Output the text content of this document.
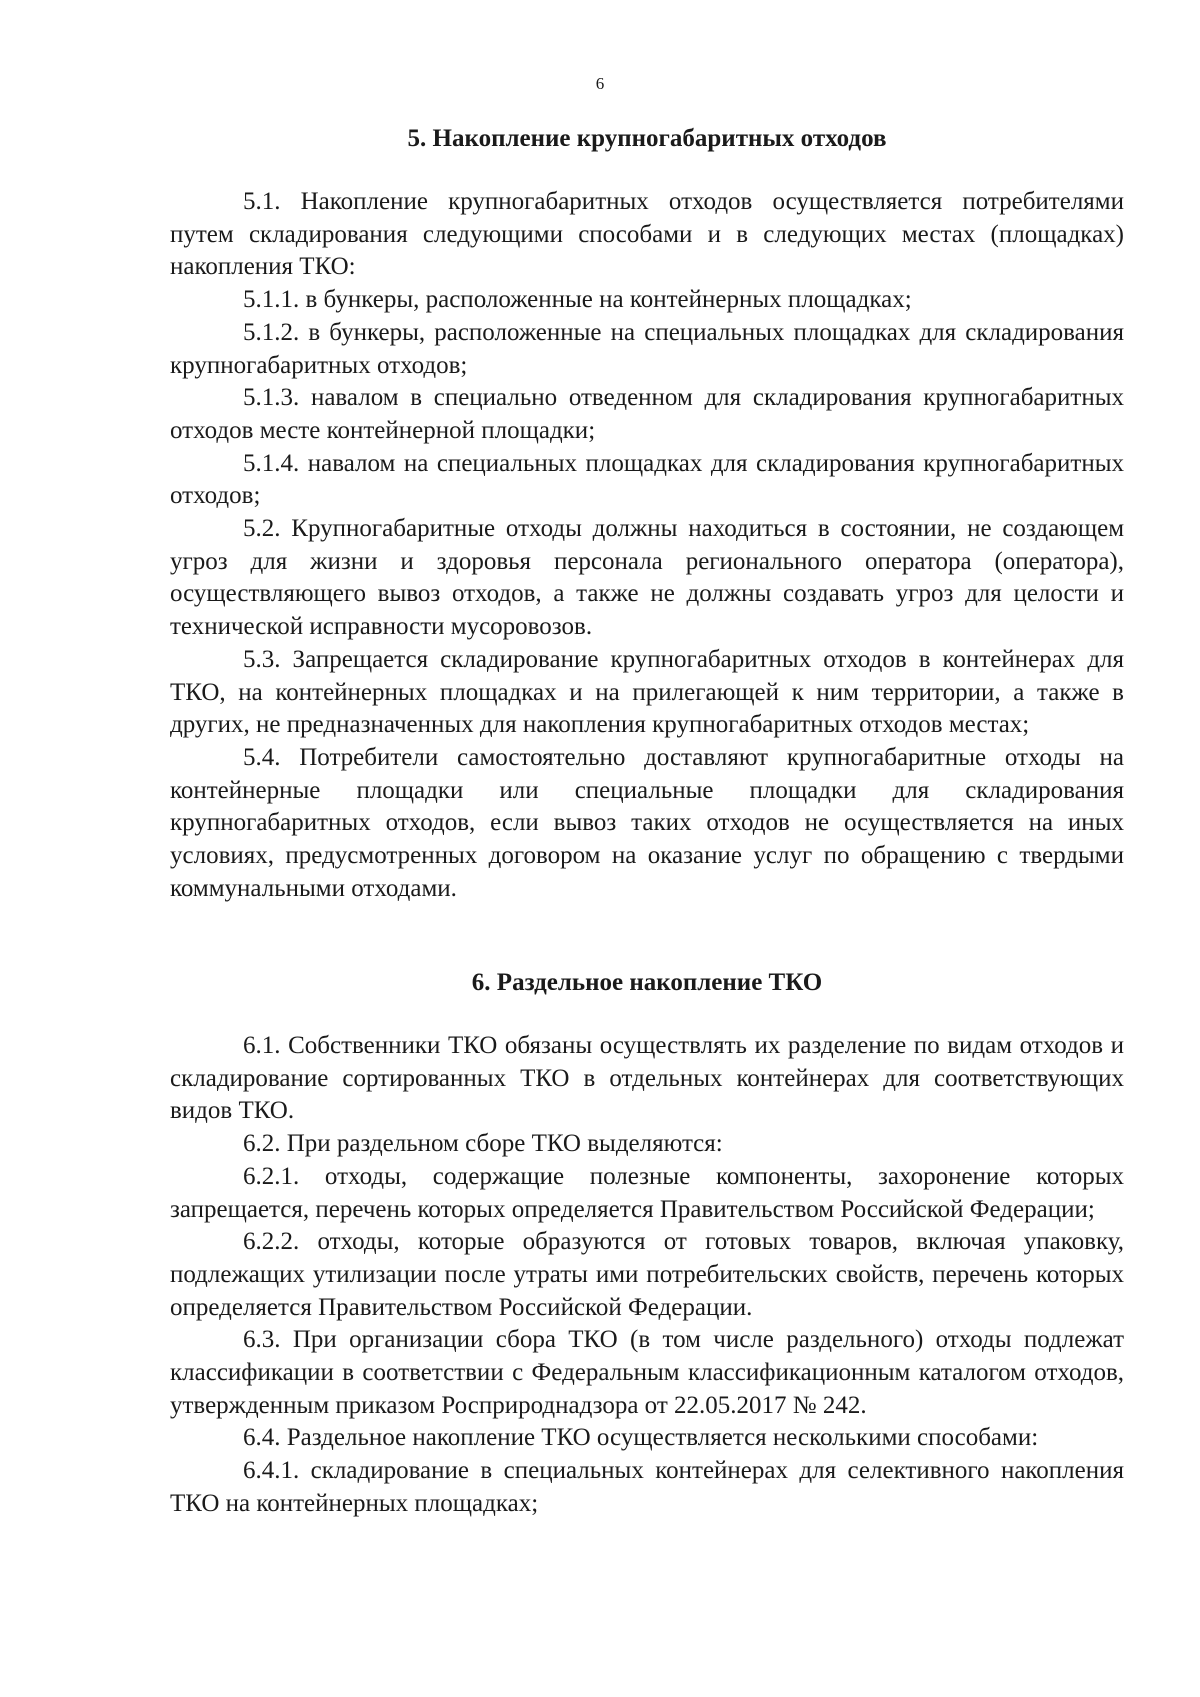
6
5. Накопление крупногабаритных отходов

5.1. Накопление крупногабаритных отходов осуществляется потребителями путем складирования следующими способами и в следующих местах (площадках) накопления ТКО:

5.1.1. в бункеры, расположенные на контейнерных площадках;

5.1.2. в бункеры, расположенные на специальных площадках для складирования крупногабаритных отходов;

5.1.3. навалом в специально отведенном для складирования крупногабаритных отходов месте контейнерной площадки;

5.1.4. навалом на специальных площадках для складирования крупногабаритных отходов;

5.2. Крупногабаритные отходы должны находиться в состоянии, не создающем угроз для жизни и здоровья персонала регионального оператора (оператора), осуществляющего вывоз отходов, а также не должны создавать угроз для целости и технической исправности мусоровозов.

5.3. Запрещается складирование крупногабаритных отходов в контейнерах для ТКО, на контейнерных площадках и на прилегающей к ним территории, а также в других, не предназначенных для накопления крупногабаритных отходов местах;

5.4. Потребители самостоятельно доставляют крупногабаритные отходы на контейнерные площадки или специальные площадки для складирования крупногабаритных отходов, если вывоз таких отходов не осуществляется на иных условиях, предусмотренных договором на оказание услуг по обращению с твердыми коммунальными отходами.

6. Раздельное накопление ТКО

6.1. Собственники ТКО обязаны осуществлять их разделение по видам отходов и складирование сортированных ТКО в отдельных контейнерах для соответствующих видов ТКО.

6.2. При раздельном сборе ТКО выделяются:

6.2.1. отходы, содержащие полезные компоненты, захоронение которых запрещается, перечень которых определяется Правительством Российской Федерации;

6.2.2. отходы, которые образуются от готовых товаров, включая упаковку, подлежащих утилизации после утраты ими потребительских свойств, перечень которых определяется Правительством Российской Федерации.

6.3. При организации сбора ТКО (в том числе раздельного) отходы подлежат классификации в соответствии с Федеральным классификационным каталогом отходов, утвержденным приказом Росприроднадзора от 22.05.2017 № 242.

6.4. Раздельное накопление ТКО осуществляется несколькими способами:

6.4.1. складирование в специальных контейнерах для селективного накопления ТКО на контейнерных площадках;
